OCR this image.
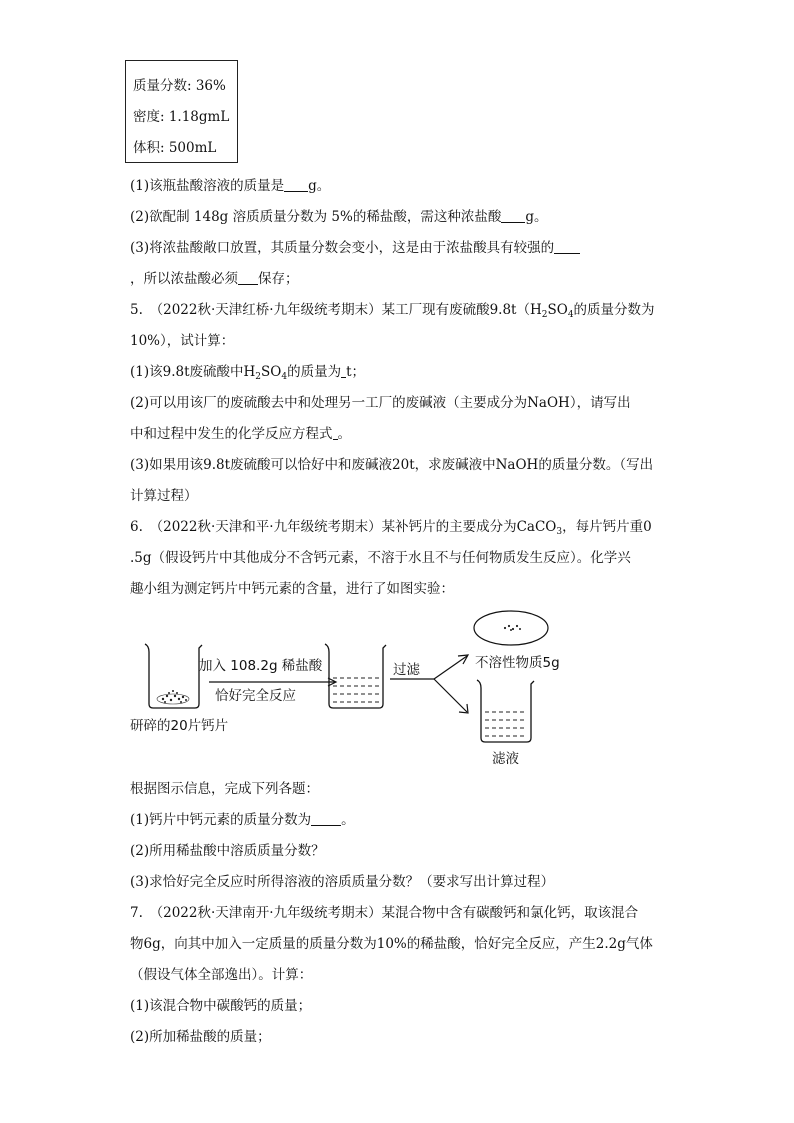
质量分数: 36%
密度: 1.18gmL
体积: 500mL
(1)该瓶盐酸溶液的质量是 g。
(2)欲配制 148g 溶质质量分数为 5%的稀盐酸，需这种浓盐酸 g。
(3)将浓盐酸敞口放置，其质量分数会变小，这是由于浓盐酸具有较强的
，所以浓盐酸必须 保存；
5.　（2022秋·天津红桥·九年级统考期末）某工厂现有废硫酸$9.8t(H_2SO_4$的质量分数为
10%），试计算：
(1)该9.8t废硫酸中$H_2SO_4$的质量为 t；
(2)可以用该厂的废硫酸去中和处理另一工厂的废碱液（主要成分为NaOH），请写出
中和过程中发生的化学反应方程式 。
(3)如果用该9.8t废硫酸可以恰好中和废碱液20t，求废碱液中NaOH的质量分数。（写出
计算过程）
6.　（2022秋·天津和平·九年级统考期末）某补钙片的主要成分为CaCO$_3$，每片钙片重0
.5g（假设钙片中其他成分不含钙元素，不溶于水且不与任何物质发生反应）。化学兴
趣小组为测定钙片中钙元素的含量，进行了如图实验：
研碎的20片钙片
加入 108.2g 稀盐酸
恰好完全反应
过滤	不溶性物质5g
滤液
根据图示信息，完成下列各题：
(1)钙片中钙元素的质量分数为 。
(2)所用稀盐酸中溶质质量分数？
(3)求恰好完全反应时所得溶液的溶质质量分数？（要求写出计算过程）
7.　（2022秋·天津南开·九年级统考期末）某混合物中含有碳酸钙和氯化钙，取该混合
物6g，向其中加入一定质量的质量分数为10%的稀盐酸，恰好完全反应，产生2.2g气体
（假设气体全部逸出）。计算：
(1)该混合物中碳酸钙的质量；
(2)所加稀盐酸的质量；
